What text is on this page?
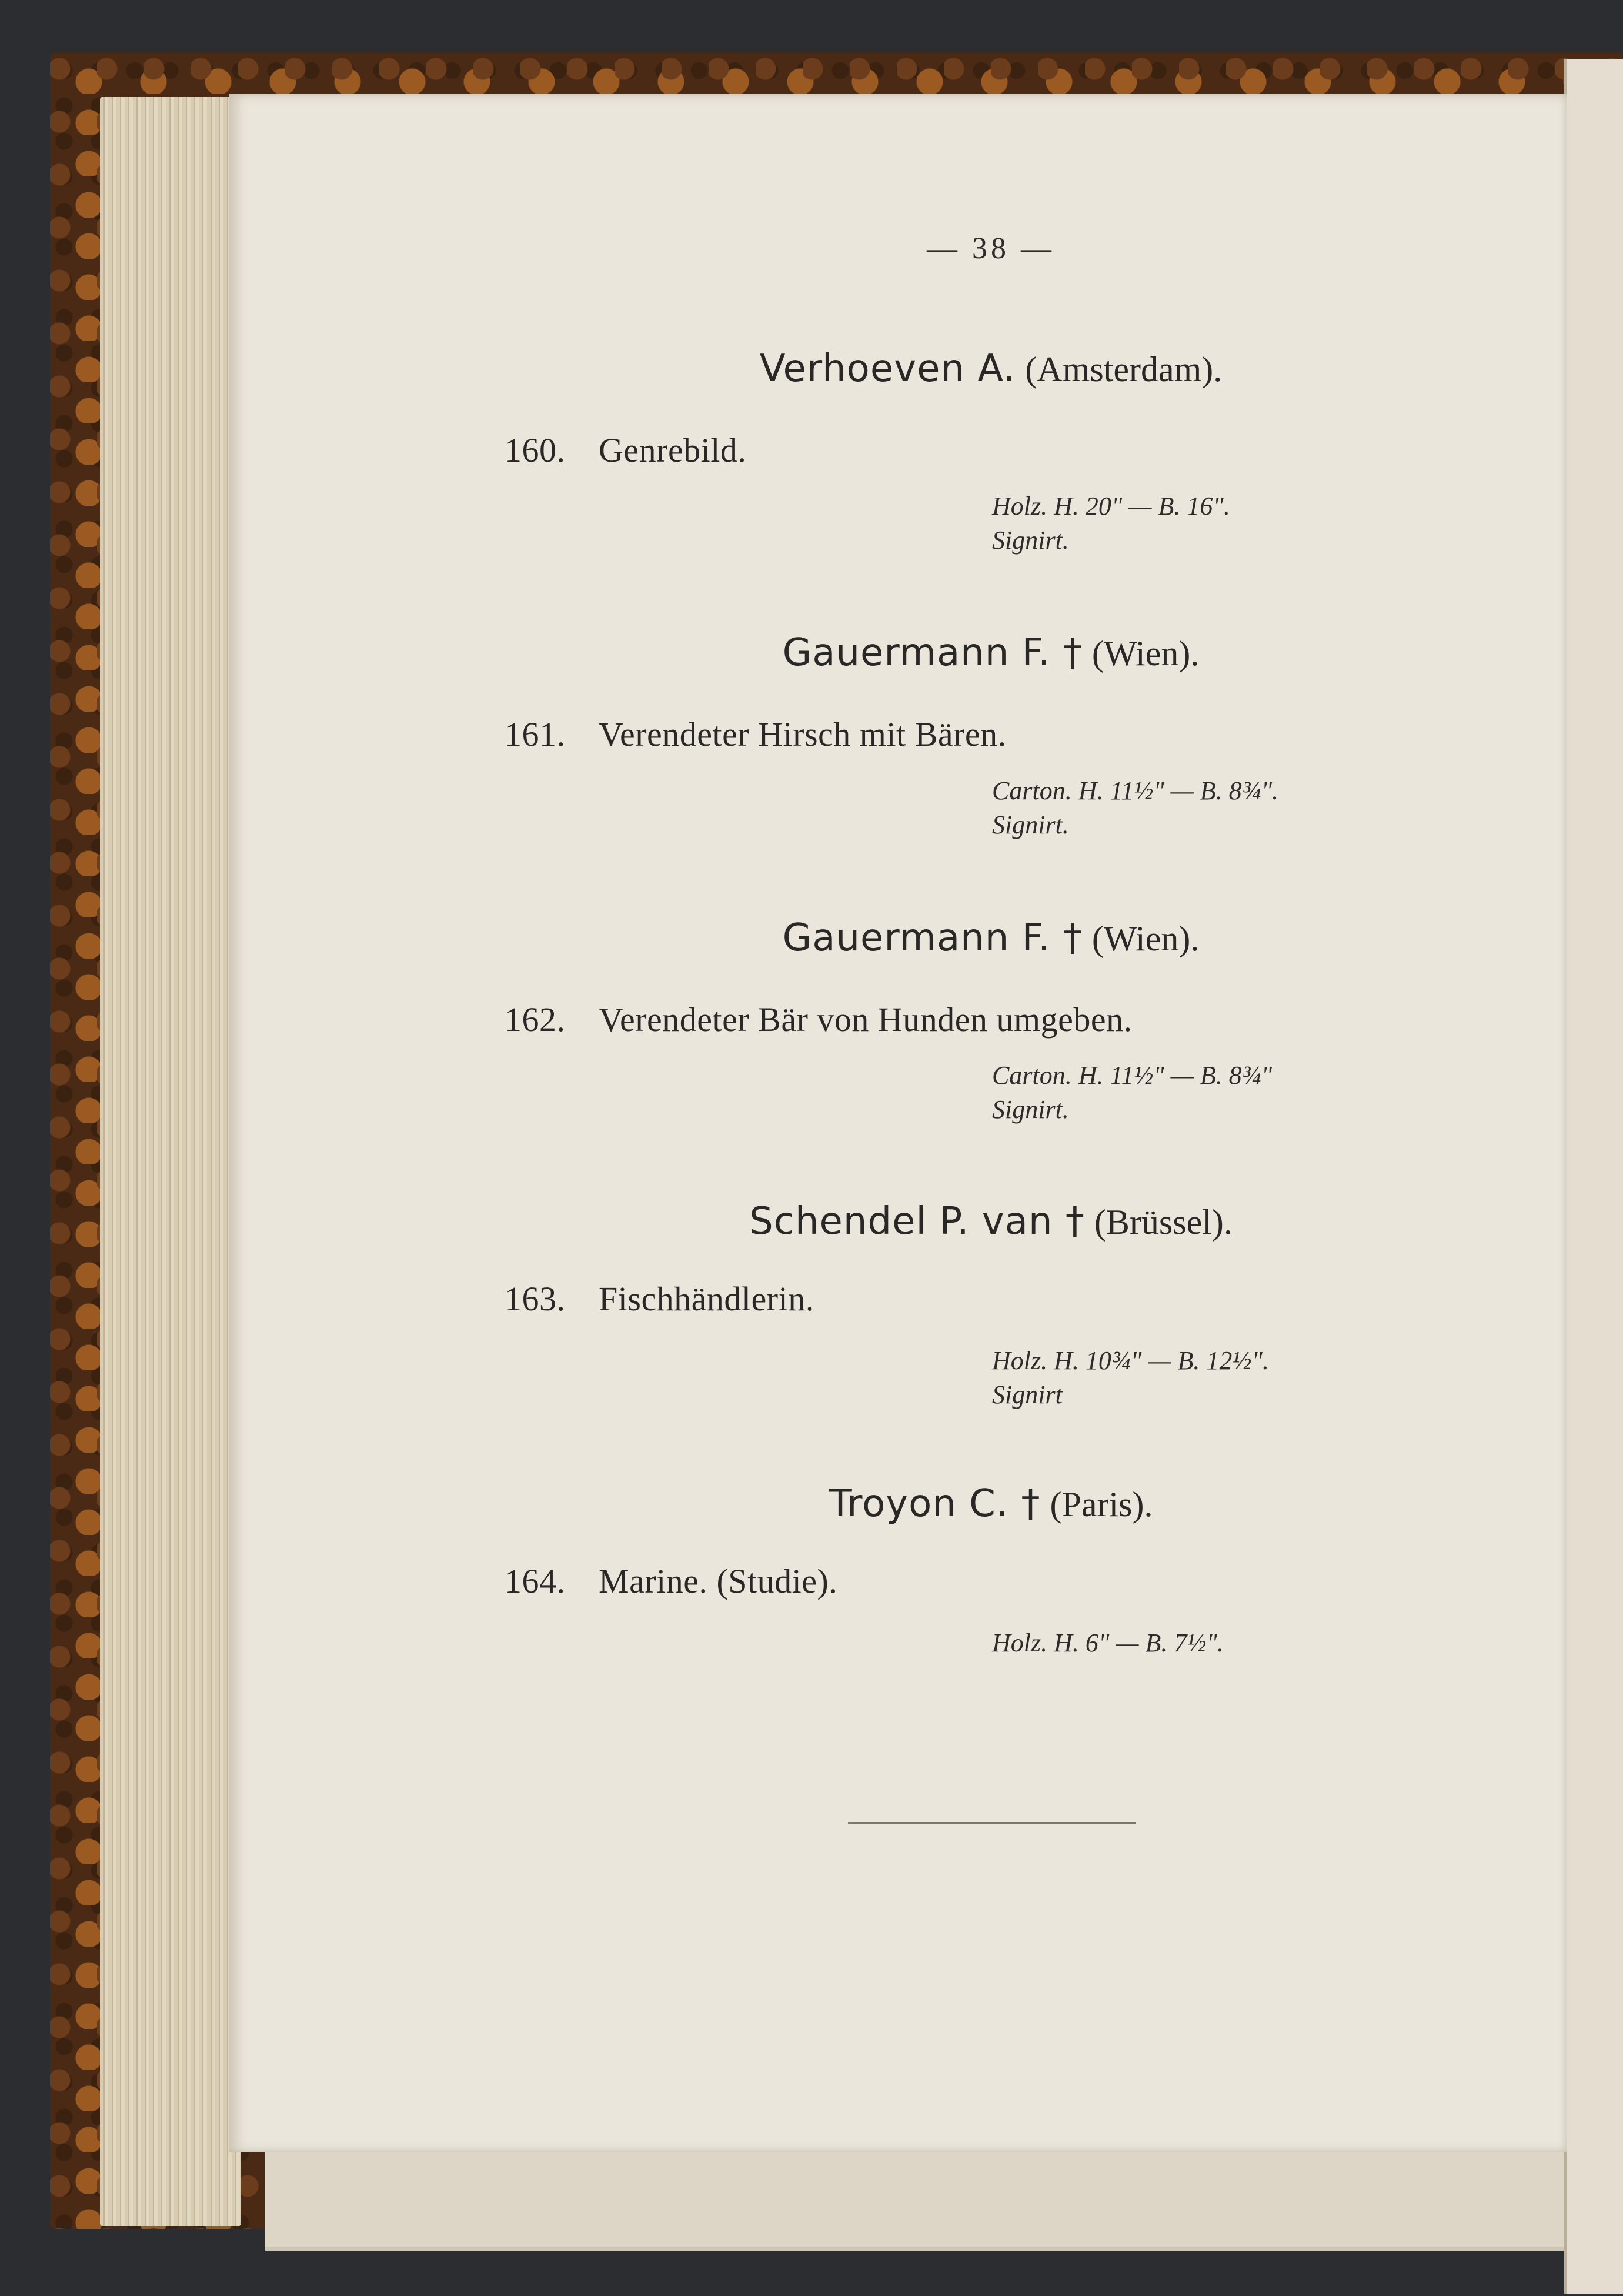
— 38 —
Verhoeven A. (Amsterdam).
160. Genrebild.
Holz. H. 20" — B. 16".
Signirt.
Gauermann F. † (Wien).
161. Verendeter Hirsch mit Bären.
Carton. H. 11½" — B. 8¾".
Signirt.
Gauermann F. † (Wien).
162. Verendeter Bär von Hunden umgeben.
Carton. H. 11½" — B. 8¾"
Signirt.
Schendel P. van † (Brüssel).
163. Fischhändlerin.
Holz. H. 10¾" — B. 12½".
Signirt
Troyon C. † (Paris).
164. Marine. (Studie).
Holz. H. 6" — B. 7½".
